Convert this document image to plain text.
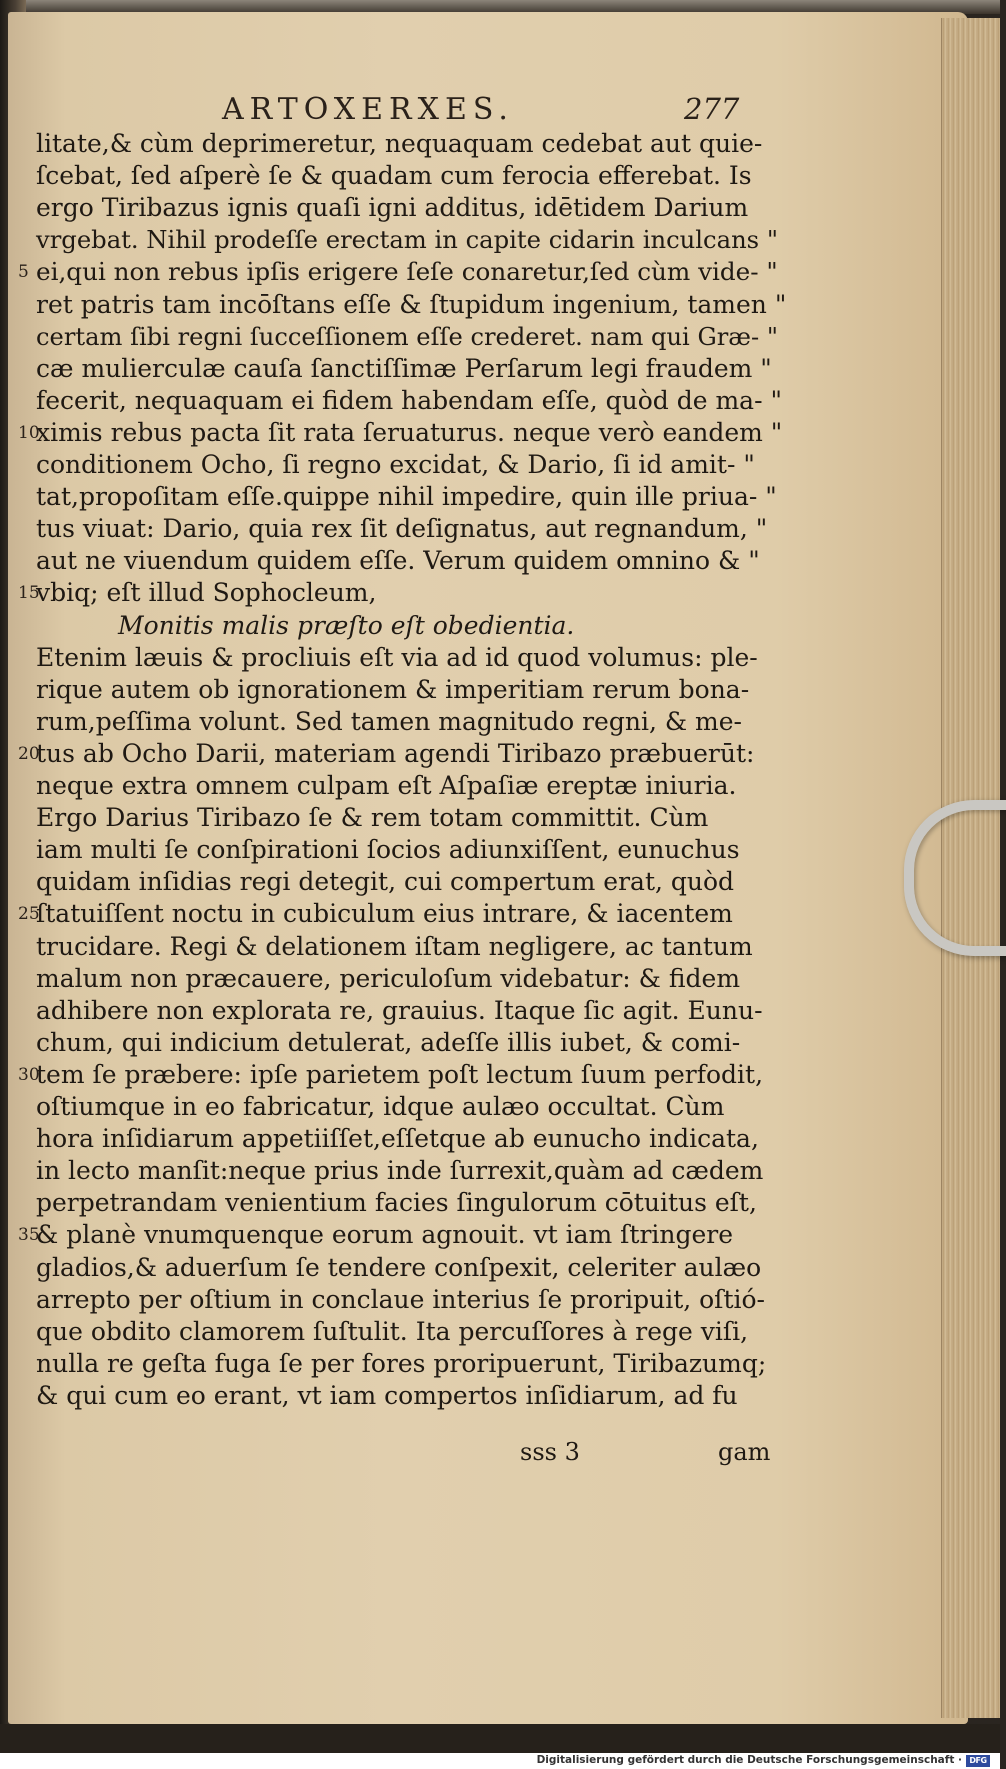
ARTOXERXES.	277
litate,& cùm deprimeretur, nequaquam cedebat aut quie-
ſcebat, ſed aſperè ſe & quadam cum ferocia efferebat. Is
ergo Tiribazus ignis quaſi igni additus, idētidem Darium
vrgebat. Nihil prodeſſe erectam in capite cidarin inculcans "
5 ei,qui non rebus ipſis erigere ſeſe conaretur,ſed cùm vide- "
ret patris tam incōſtans eſſe & ſtupidum ingenium, tamen "
certam ſibi regni ſucceſſionem eſſe crederet. nam qui Græ- "
cæ mulierculæ cauſa ſanctiſſimæ Perſarum legi fraudem "
fecerit, nequaquam ei fidem habendam eſſe, quòd de ma- "
10
ximis rebus pacta ſit rata ſeruaturus. neque verò eandem "
conditionem Ocho, ſi regno excidat, & Dario, ſi id amit- "
tat,propoſitam eſſe.quippe nihil impedire, quin ille priua- "
tus viuat: Dario, quia rex ſit deſignatus, aut regnandum, "
aut ne viuendum quidem eſſe. Verum quidem omnino & "
15
vbiq; eſt illud Sophocleum,
Monitis malis præſto eſt obedientia.
Etenim læuis & procliuis eſt via ad id quod volumus: ple-
rique autem ob ignorationem & imperitiam rerum bona-
rum,peſſima volunt. Sed tamen magnitudo regni, & me-
20
tus ab Ocho Darii, materiam agendi Tiribazo præbuerūt:
neque extra omnem culpam eſt Aſpaſiæ ereptæ iniuria.
Ergo Darius Tiribazo ſe & rem totam committit. Cùm
iam multi ſe conſpirationi ſocios adiunxiſſent, eunuchus
quidam inſidias regi detegit, cui compertum erat, quòd
25
ſtatuiſſent noctu in cubiculum eius intrare, & iacentem
trucidare. Regi & delationem iſtam negligere, ac tantum
malum non præcauere, periculoſum videbatur: & fidem
adhibere non explorata re, grauius. Itaque ſic agit. Eunu-
chum, qui indicium detulerat, adeſſe illis iubet, & comi-
30
tem ſe præbere: ipſe parietem poſt lectum ſuum perfodit,
oſtiumque in eo fabricatur, idque aulæo occultat. Cùm
hora inſidiarum appetiiſſet,eſſetque ab eunucho indicata,
in lecto manſit:neque prius inde ſurrexit,quàm ad cædem
perpetrandam venientium facies ſingulorum cōtuitus eſt,
35
& planè vnumquenque eorum agnouit. vt iam ſtringere
gladios,& aduerſum ſe tendere conſpexit, celeriter aulæo
arrepto per oſtium in conclaue interius ſe proripuit, oſtió-
que obdito clamorem ſuſtulit. Ita percuſſores à rege viſi,
nulla re geſta fuga ſe per fores proripuerunt, Tiribazumq;
& qui cum eo erant, vt iam compertos inſidiarum, ad fu
sss 3	gam
Digitalisierung gefördert durch die Deutsche Forschungsgemeinschaft · DFG
